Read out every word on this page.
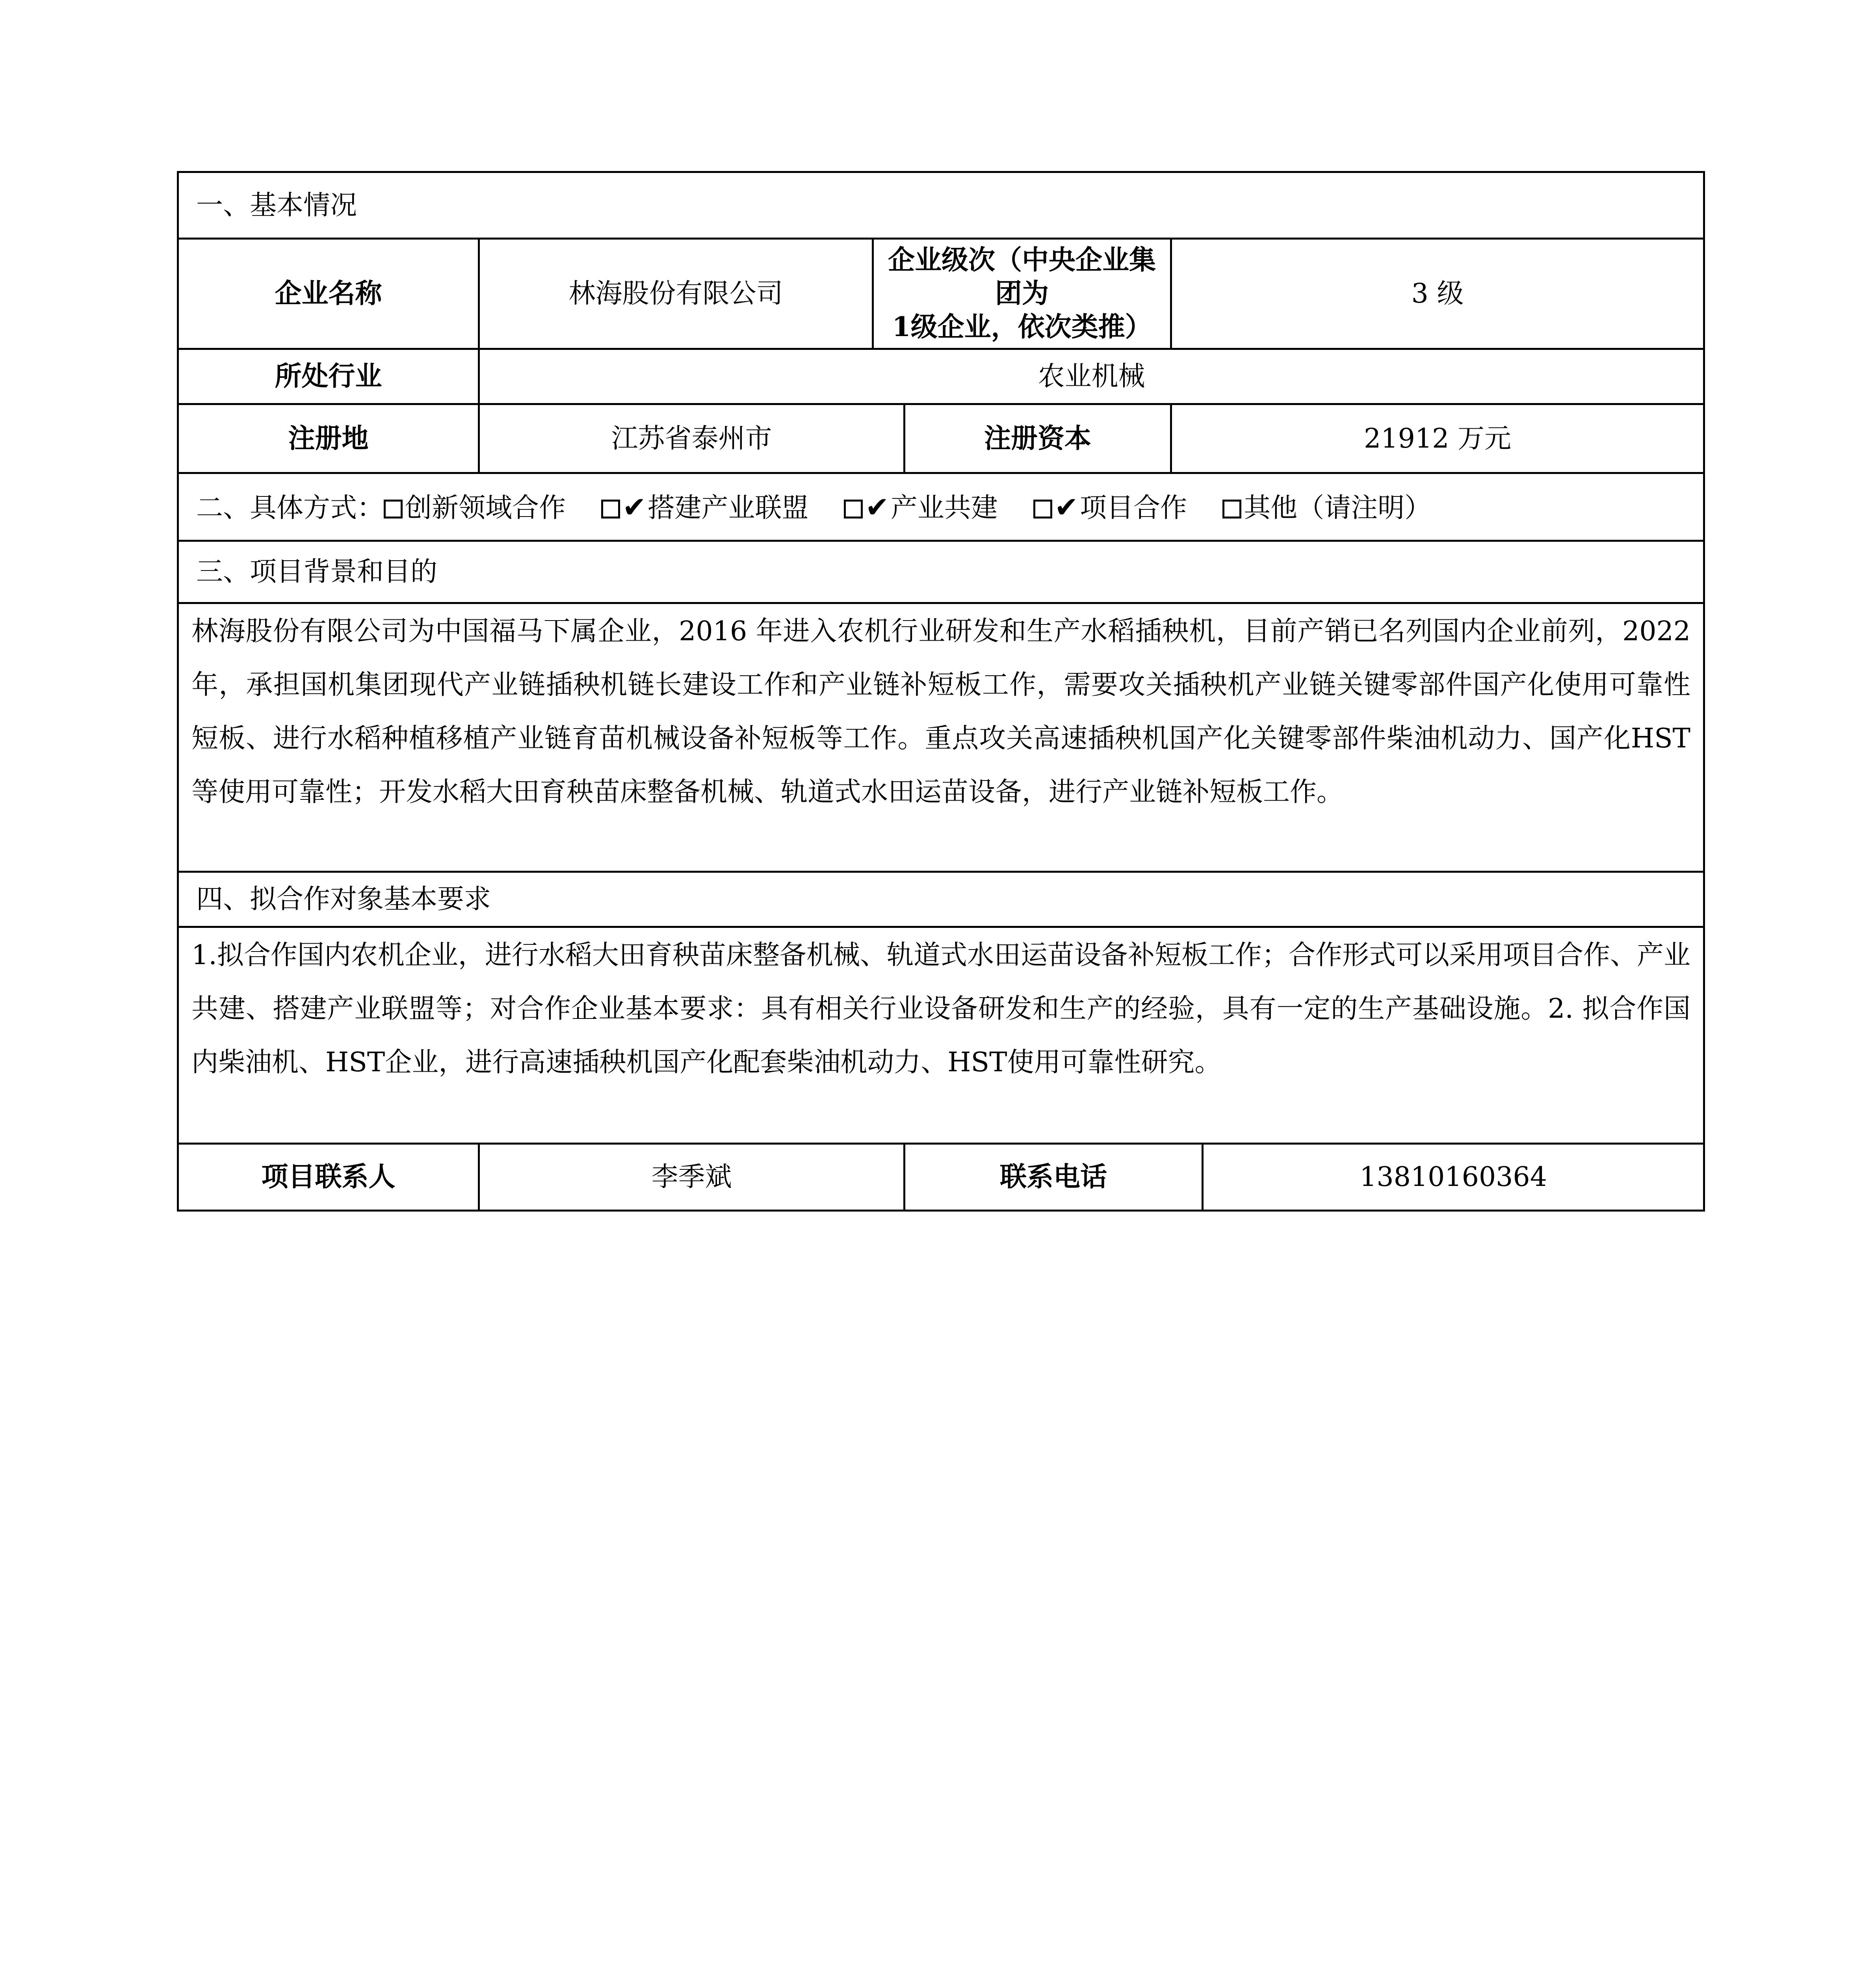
一、基本情况					
企业名称	林海股份有限公司	企业级次（中央企业集团为
1级企业，依次类推）		3 级	
所处行业	农业机械				
注册地	江苏省泰州市		注册资本	21912 万元	
二、具体方式： 创新领域合作 ✔搭建产业联盟 ✔产业共建 ✔项目合作 其他（请注明）					
三、项目背景和目的					
林海股份有限公司为中国福马下属企业，2016 年进入农机行业研发和生产水稻插秧机，目前产销已名列国内企业前列，2022 年，承担国机集团现代产业链插秧机链长建设工作和产业链补短板工作，需要攻关插秧机产业链关键零部件国产化使用可靠性短板、进行水稻种植移植产业链育苗机械设备补短板等工作。重点攻关高速插秧机国产化关键零部件柴油机动力、国产化HST等使用可靠性；开发水稻大田育秧苗床整备机械、轨道式水田运苗设备，进行产业链补短板工作。					
四、拟合作对象基本要求					
1.拟合作国内农机企业，进行水稻大田育秧苗床整备机械、轨道式水田运苗设备补短板工作；合作形式可以采用项目合作、产业共建、搭建产业联盟等；对合作企业基本要求：具有相关行业设备研发和生产的经验，具有一定的生产基础设施。2. 拟合作国内柴油机、HST企业，进行高速插秧机国产化配套柴油机动力、HST使用可靠性研究。					
项目联系人	李季斌		联系电话		13810160364
